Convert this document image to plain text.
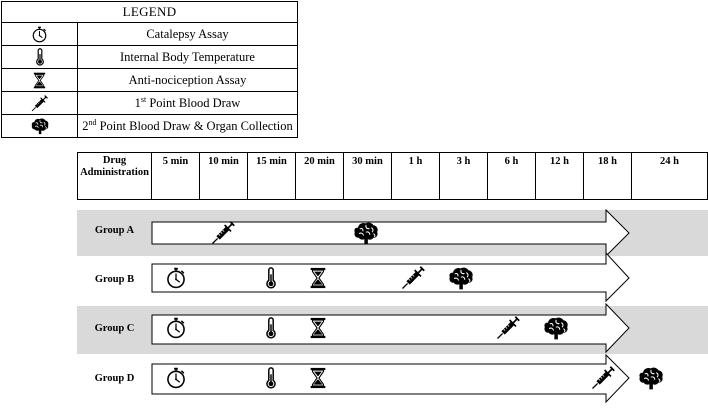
LEGEND	

	Catalepsy Assay

	Internal Body Temperature

	Anti-nociception Assay

	1st Point Blood Draw

	2nd Point Blood Draw & Organ Collection
Drug
Administration	5 min	10 min	15 min	20 min	30 min	1 h	3 h	6 h	12 h	18 h	24 h
Group A
Group B
Group C
Group D
